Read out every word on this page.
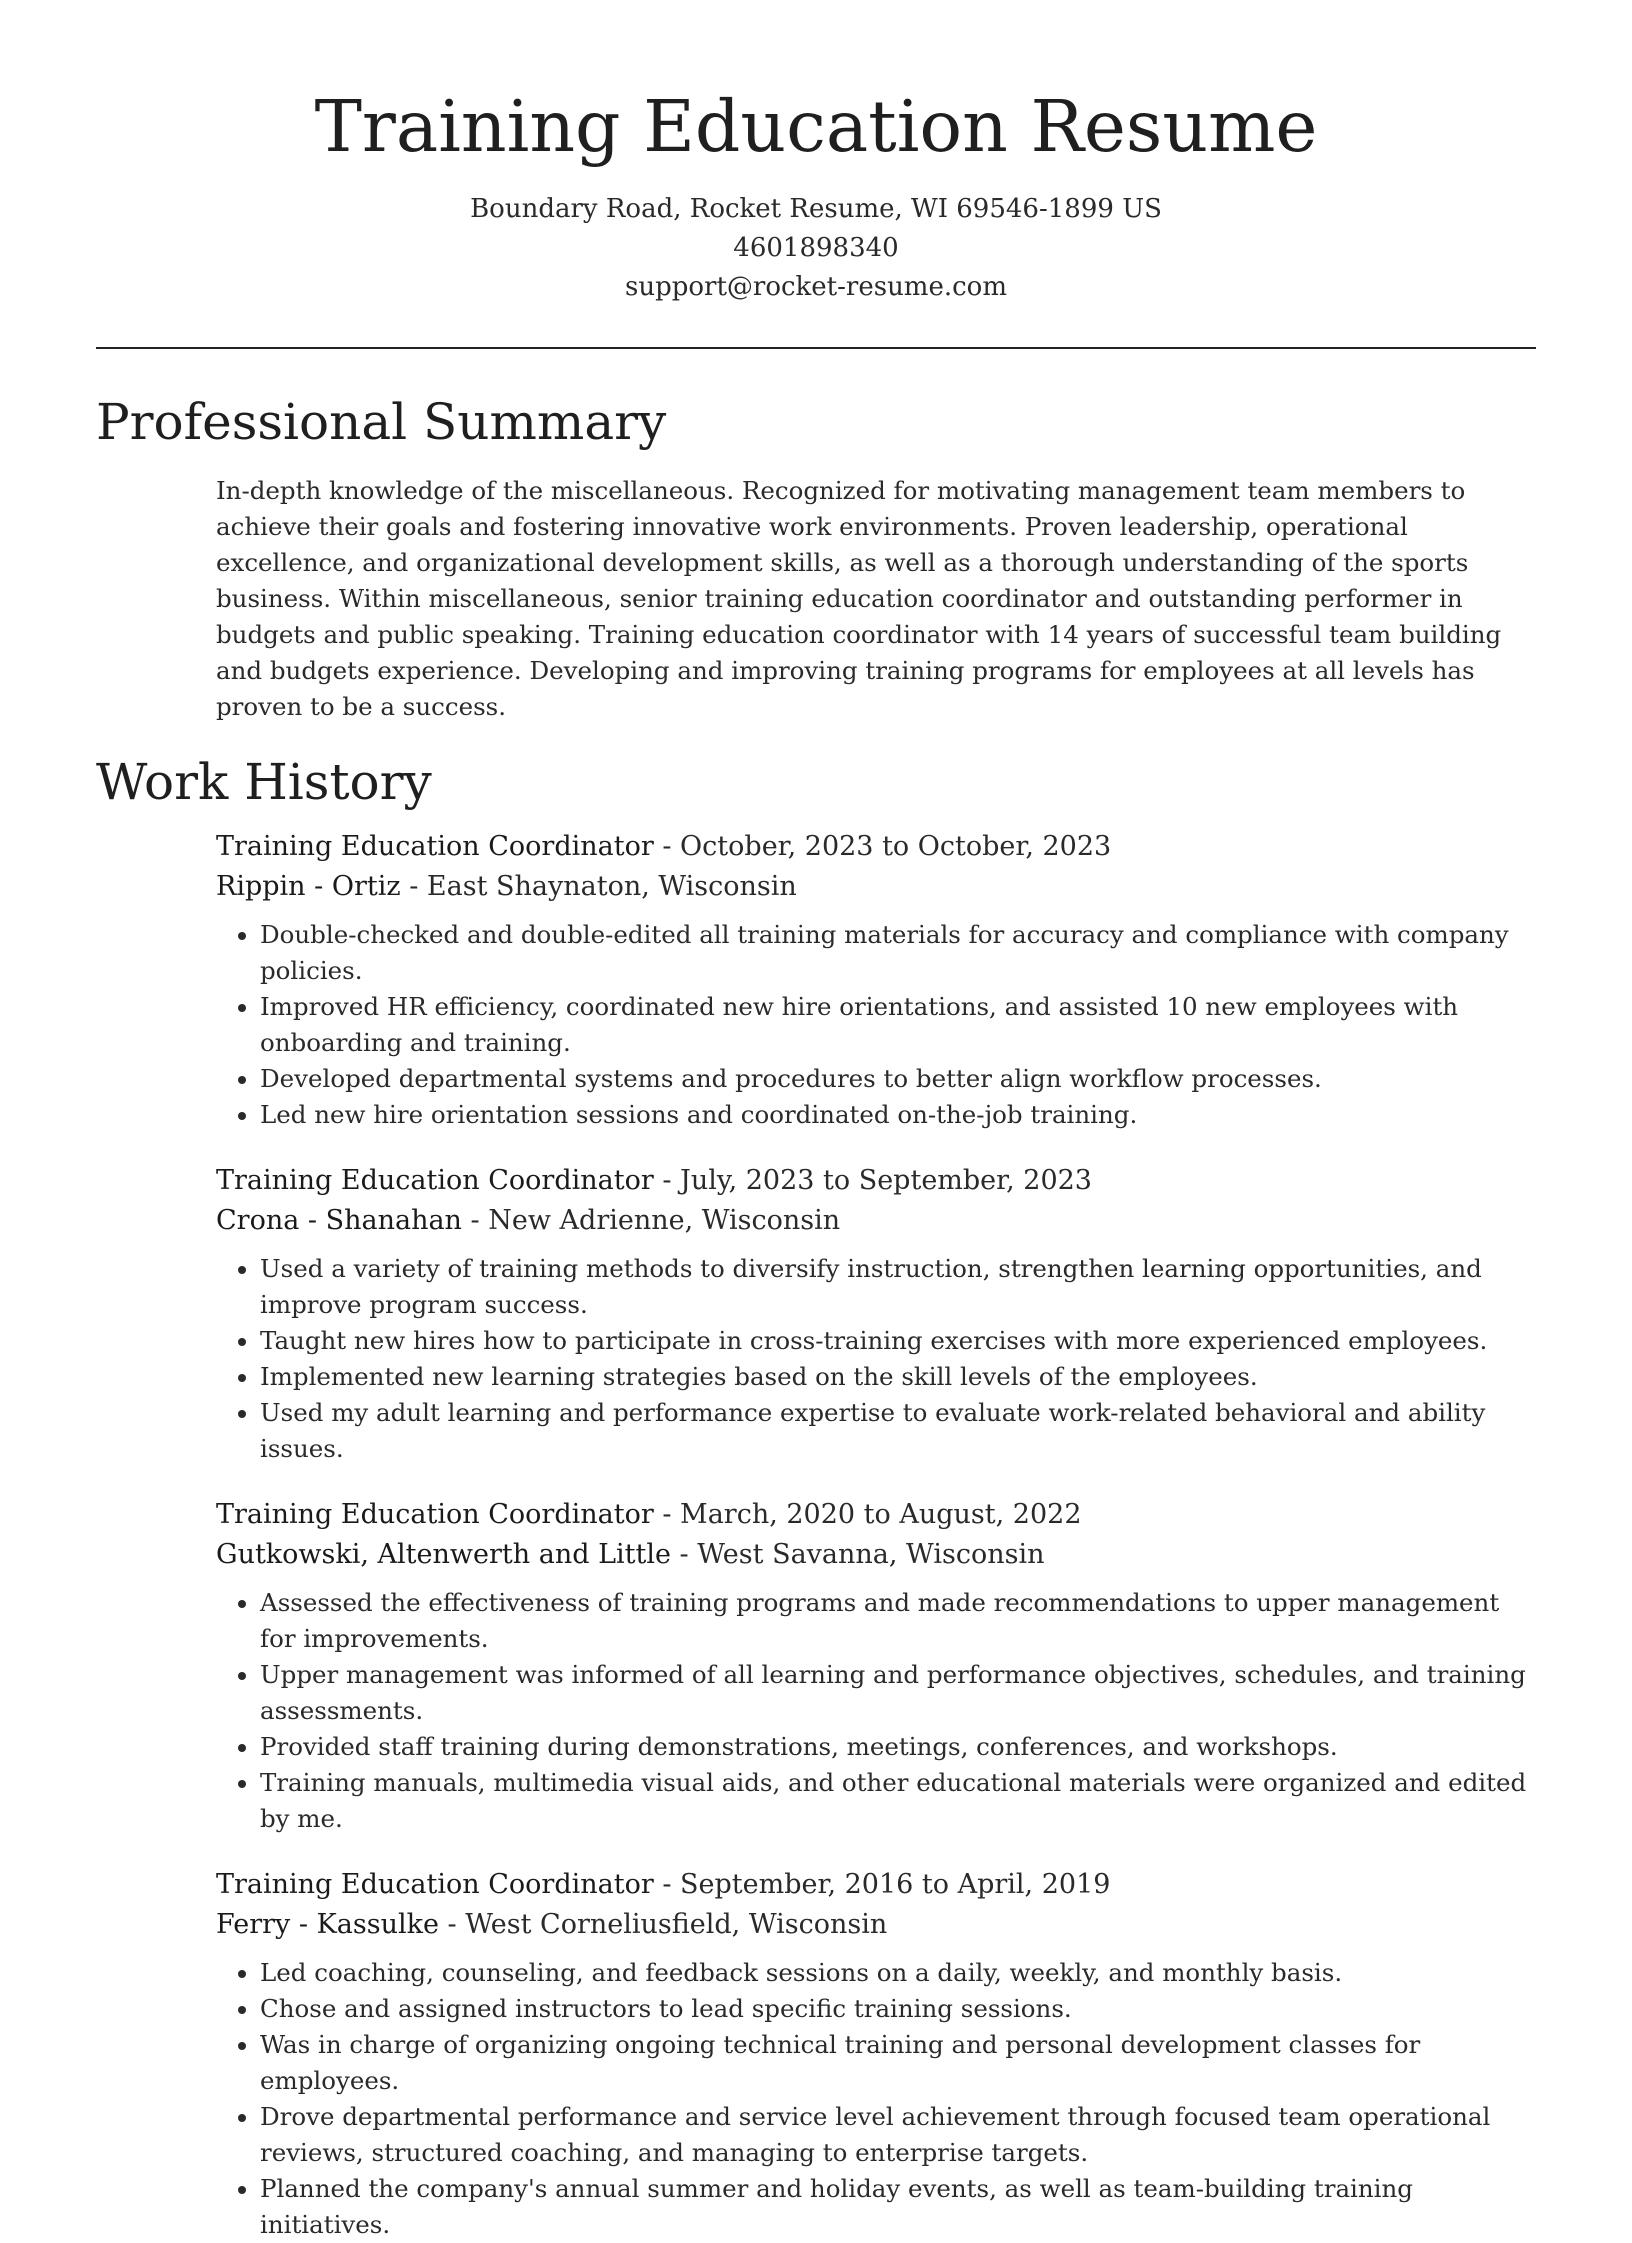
Training Education Resume
Boundary Road, Rocket Resume, WI 69546-1899 US
4601898340
support@rocket-resume.com
Professional Summary

In-depth knowledge of the miscellaneous. Recognized for motivating management team members to achieve their goals and fostering innovative work environments. Proven leadership, operational excellence, and organizational development skills, as well as a thorough understanding of the sports business. Within miscellaneous, senior training education coordinator and outstanding performer in budgets and public speaking. Training education coordinator with 14 years of successful team building and budgets experience. Developing and improving training programs for employees at all levels has proven to be a success.

Work History
Training Education Coordinator - October, 2023 to October, 2023
Rippin - Ortiz - East Shaynaton, Wisconsin
• Double-checked and double-edited all training materials for accuracy and compliance with company policies.
• Improved HR efficiency, coordinated new hire orientations, and assisted 10 new employees with onboarding and training.
• Developed departmental systems and procedures to better align workflow processes.
• Led new hire orientation sessions and coordinated on-the-job training.
Training Education Coordinator - July, 2023 to September, 2023
Crona - Shanahan - New Adrienne, Wisconsin
• Used a variety of training methods to diversify instruction, strengthen learning opportunities, and improve program success.
• Taught new hires how to participate in cross-training exercises with more experienced employees.
• Implemented new learning strategies based on the skill levels of the employees.
• Used my adult learning and performance expertise to evaluate work-related behavioral and ability issues.
Training Education Coordinator - March, 2020 to August, 2022
Gutkowski, Altenwerth and Little - West Savanna, Wisconsin
• Assessed the effectiveness of training programs and made recommendations to upper management for improvements.
• Upper management was informed of all learning and performance objectives, schedules, and training assessments.
• Provided staff training during demonstrations, meetings, conferences, and workshops.
• Training manuals, multimedia visual aids, and other educational materials were organized and edited by me.
Training Education Coordinator - September, 2016 to April, 2019
Ferry - Kassulke - West Corneliusfield, Wisconsin
• Led coaching, counseling, and feedback sessions on a daily, weekly, and monthly basis.
• Chose and assigned instructors to lead specific training sessions.
• Was in charge of organizing ongoing technical training and personal development classes for employees.
• Drove departmental performance and service level achievement through focused team operational reviews, structured coaching, and managing to enterprise targets.
• Planned the company's annual summer and holiday events, as well as team-building training initiatives.
